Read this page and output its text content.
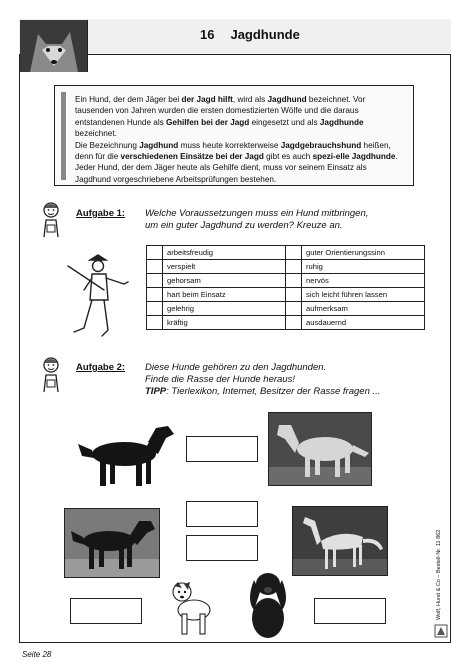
16 Jagdhunde
Ein Hund, der dem Jäger bei der Jagd hilft, wird als Jagdhund bezeichnet. Vor tausenden von Jahren wurden die ersten domestizierten Wölfe und die daraus entstandenen Hunde als Gehilfen bei der Jagd eingesetzt und als Jagdhunde bezeichnet.
Die Bezeichnung Jagdhund muss heute korrekterweise Jagdgebrauchshund heißen, denn für die verschiedenen Einsätze bei der Jagd gibt es auch spezi-elle Jagdhunde. Jeder Hund, der dem Jäger heute als Gehilfe dient, muss vor seinem Einsatz als Jagdhund vorgeschriebene Arbeitsprüfungen bestehen.
Aufgabe 1: Welche Voraussetzungen muss ein Hund mitbringen,
um ein guter Jagdhund zu werden? Kreuze an.
	arbeitsfreudig		guter Orientierungssinn
	verspielt		ruhig
	gehorsam		nervös
	hart beim Einsatz		sich leicht führen lassen
	gelehrig		aufmerksam
	kräftig		ausdauernd
Aufgabe 2: Diese Hunde gehören zu den Jagdhunden.
Finde die Rasse der Hunde heraus!
TIPP: Tierlexikon, Internet, Besitzer der Rasse fragen ...
Wolf, Hund & Co – Bestell-Nr. 11 862
Seite 28
